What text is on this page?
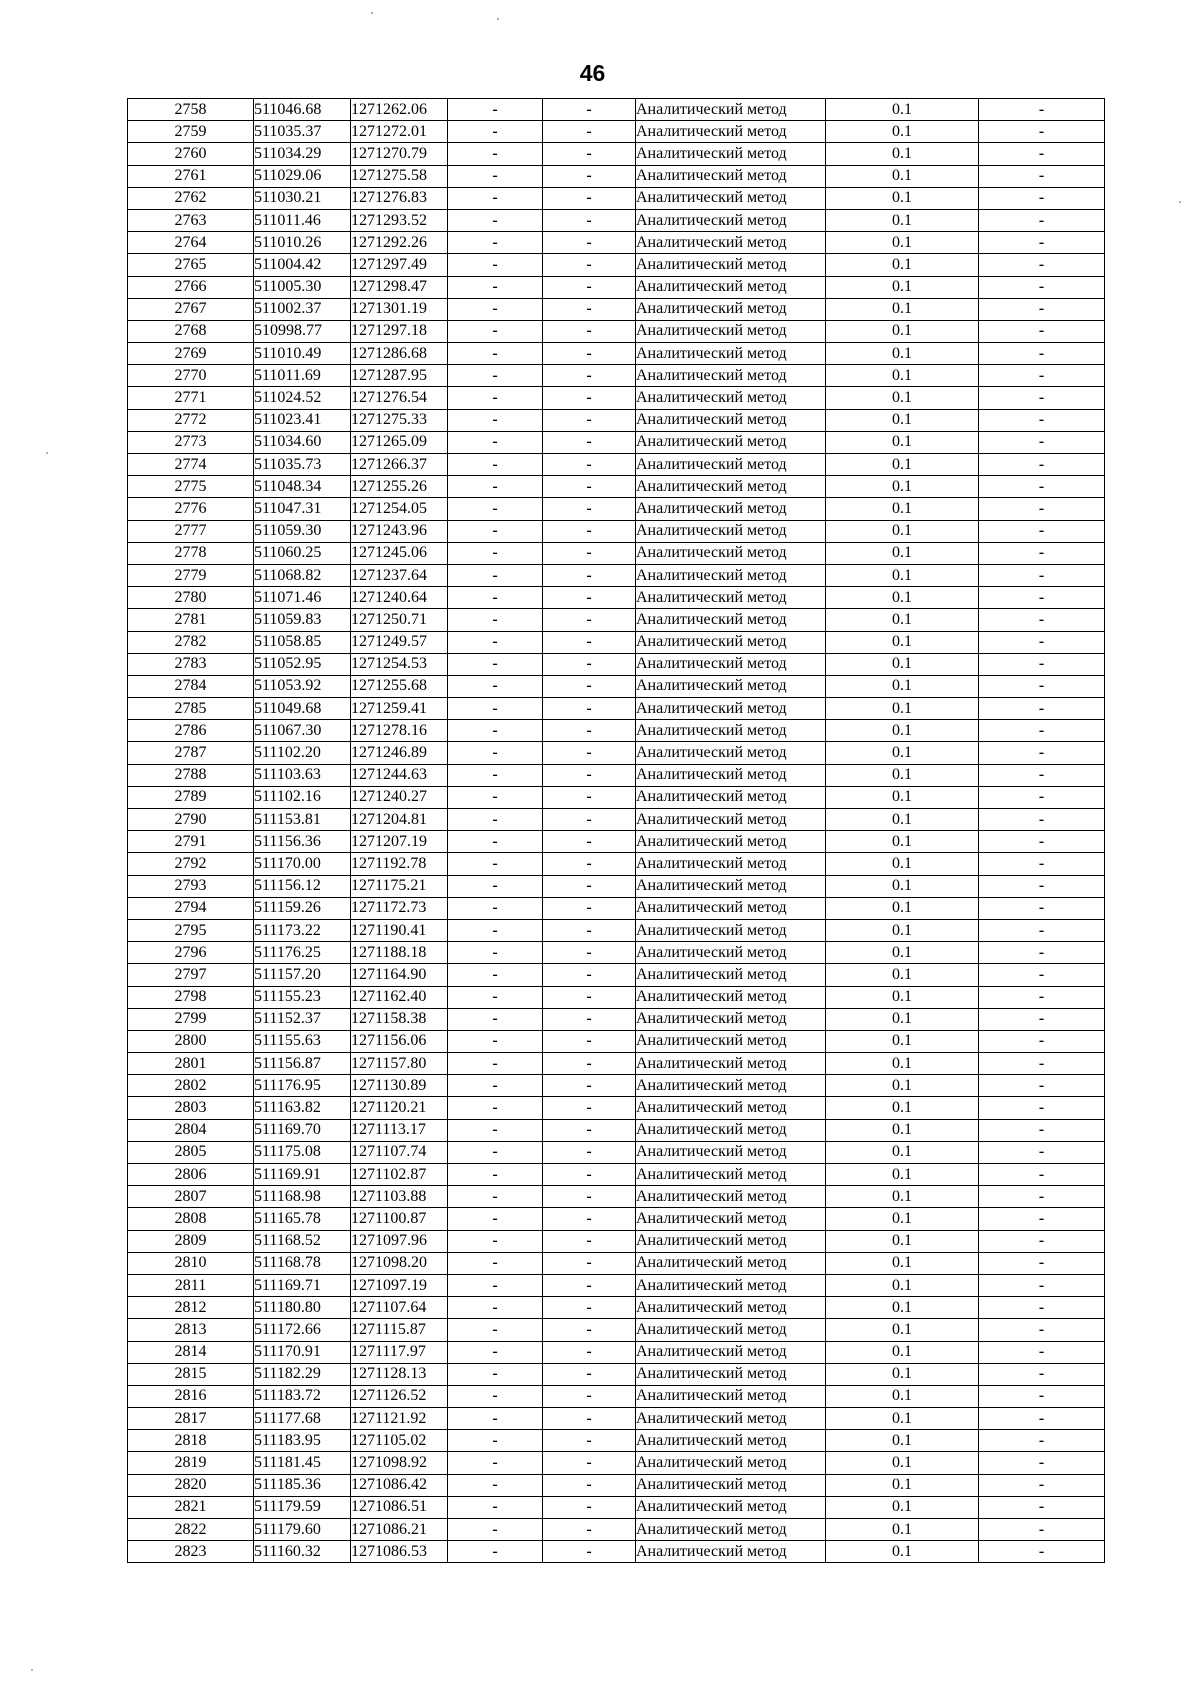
46
2758	511046.68	1271262.06	-	-	Аналитический метод	0.1	-
2759	511035.37	1271272.01	-	-	Аналитический метод	0.1	-
2760	511034.29	1271270.79	-	-	Аналитический метод	0.1	-
2761	511029.06	1271275.58	-	-	Аналитический метод	0.1	-
2762	511030.21	1271276.83	-	-	Аналитический метод	0.1	-
2763	511011.46	1271293.52	-	-	Аналитический метод	0.1	-
2764	511010.26	1271292.26	-	-	Аналитический метод	0.1	-
2765	511004.42	1271297.49	-	-	Аналитический метод	0.1	-
2766	511005.30	1271298.47	-	-	Аналитический метод	0.1	-
2767	511002.37	1271301.19	-	-	Аналитический метод	0.1	-
2768	510998.77	1271297.18	-	-	Аналитический метод	0.1	-
2769	511010.49	1271286.68	-	-	Аналитический метод	0.1	-
2770	511011.69	1271287.95	-	-	Аналитический метод	0.1	-
2771	511024.52	1271276.54	-	-	Аналитический метод	0.1	-
2772	511023.41	1271275.33	-	-	Аналитический метод	0.1	-
2773	511034.60	1271265.09	-	-	Аналитический метод	0.1	-
2774	511035.73	1271266.37	-	-	Аналитический метод	0.1	-
2775	511048.34	1271255.26	-	-	Аналитический метод	0.1	-
2776	511047.31	1271254.05	-	-	Аналитический метод	0.1	-
2777	511059.30	1271243.96	-	-	Аналитический метод	0.1	-
2778	511060.25	1271245.06	-	-	Аналитический метод	0.1	-
2779	511068.82	1271237.64	-	-	Аналитический метод	0.1	-
2780	511071.46	1271240.64	-	-	Аналитический метод	0.1	-
2781	511059.83	1271250.71	-	-	Аналитический метод	0.1	-
2782	511058.85	1271249.57	-	-	Аналитический метод	0.1	-
2783	511052.95	1271254.53	-	-	Аналитический метод	0.1	-
2784	511053.92	1271255.68	-	-	Аналитический метод	0.1	-
2785	511049.68	1271259.41	-	-	Аналитический метод	0.1	-
2786	511067.30	1271278.16	-	-	Аналитический метод	0.1	-
2787	511102.20	1271246.89	-	-	Аналитический метод	0.1	-
2788	511103.63	1271244.63	-	-	Аналитический метод	0.1	-
2789	511102.16	1271240.27	-	-	Аналитический метод	0.1	-
2790	511153.81	1271204.81	-	-	Аналитический метод	0.1	-
2791	511156.36	1271207.19	-	-	Аналитический метод	0.1	-
2792	511170.00	1271192.78	-	-	Аналитический метод	0.1	-
2793	511156.12	1271175.21	-	-	Аналитический метод	0.1	-
2794	511159.26	1271172.73	-	-	Аналитический метод	0.1	-
2795	511173.22	1271190.41	-	-	Аналитический метод	0.1	-
2796	511176.25	1271188.18	-	-	Аналитический метод	0.1	-
2797	511157.20	1271164.90	-	-	Аналитический метод	0.1	-
2798	511155.23	1271162.40	-	-	Аналитический метод	0.1	-
2799	511152.37	1271158.38	-	-	Аналитический метод	0.1	-
2800	511155.63	1271156.06	-	-	Аналитический метод	0.1	-
2801	511156.87	1271157.80	-	-	Аналитический метод	0.1	-
2802	511176.95	1271130.89	-	-	Аналитический метод	0.1	-
2803	511163.82	1271120.21	-	-	Аналитический метод	0.1	-
2804	511169.70	1271113.17	-	-	Аналитический метод	0.1	-
2805	511175.08	1271107.74	-	-	Аналитический метод	0.1	-
2806	511169.91	1271102.87	-	-	Аналитический метод	0.1	-
2807	511168.98	1271103.88	-	-	Аналитический метод	0.1	-
2808	511165.78	1271100.87	-	-	Аналитический метод	0.1	-
2809	511168.52	1271097.96	-	-	Аналитический метод	0.1	-
2810	511168.78	1271098.20	-	-	Аналитический метод	0.1	-
2811	511169.71	1271097.19	-	-	Аналитический метод	0.1	-
2812	511180.80	1271107.64	-	-	Аналитический метод	0.1	-
2813	511172.66	1271115.87	-	-	Аналитический метод	0.1	-
2814	511170.91	1271117.97	-	-	Аналитический метод	0.1	-
2815	511182.29	1271128.13	-	-	Аналитический метод	0.1	-
2816	511183.72	1271126.52	-	-	Аналитический метод	0.1	-
2817	511177.68	1271121.92	-	-	Аналитический метод	0.1	-
2818	511183.95	1271105.02	-	-	Аналитический метод	0.1	-
2819	511181.45	1271098.92	-	-	Аналитический метод	0.1	-
2820	511185.36	1271086.42	-	-	Аналитический метод	0.1	-
2821	511179.59	1271086.51	-	-	Аналитический метод	0.1	-
2822	511179.60	1271086.21	-	-	Аналитический метод	0.1	-
2823	511160.32	1271086.53	-	-	Аналитический метод	0.1	-
